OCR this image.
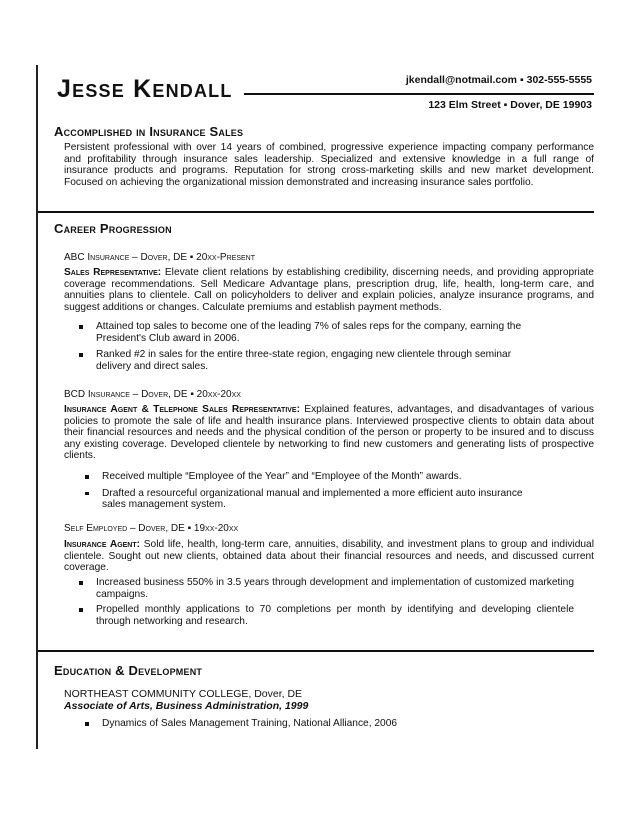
Jesse Kendall	jkendall@notmail.com ▪ 302-555-5555
123 Elm Street ▪ Dover, DE 19903
Accomplished in Insurance Sales
Persistent professional with over 14 years of combined, progressive experience impacting company performance
and profitability through insurance sales leadership. Specialized and extensive knowledge in a full range of
insurance products and programs. Reputation for strong cross-marketing skills and new market development.
Focused on achieving the organizational mission demonstrated and increasing insurance sales portfolio.
Career Progression
ABC Insurance – Dover, DE ▪ 20xx-Present
Sales Representative: Elevate client relations by establishing credibility, discerning needs, and providing appropriate coverage recommendations. Sell Medicare Advantage plans, prescription drug, life, health, long-term care, and annuities plans to clientele. Call on policyholders to deliver and explain policies, analyze insurance programs, and suggest additions or changes. Calculate premiums and establish payment methods.
Attained top sales to become one of the leading 7% of sales reps for the company, earning the President's Club award in 2006.
Ranked #2 in sales for the entire three-state region, engaging new clientele through seminar delivery and direct sales.
BCD Insurance – Dover, DE ▪ 20xx-20xx
Insurance Agent & Telephone Sales Representative: Explained features, advantages, and disadvantages of various policies to promote the sale of life and health insurance plans. Interviewed prospective clients to obtain data about their financial resources and needs and the physical condition of the person or property to be insured and to discuss any existing coverage. Developed clientele by networking to find new customers and generating lists of prospective clients.
Received multiple “Employee of the Year” and “Employee of the Month” awards.
Drafted a resourceful organizational manual and implemented a more efficient auto insurance sales management system.
Self Employed – Dover, DE ▪ 19xx-20xx
Insurance Agent: Sold life, health, long-term care, annuities, disability, and investment plans to group and individual clientele. Sought out new clients, obtained data about their financial resources and needs, and discussed current coverage.
Increased business 550% in 3.5 years through development and implementation of customized marketing campaigns.
Propelled monthly applications to 70 completions per month by identifying and developing clientele through networking and research.
Education & Development
NORTHEAST COMMUNITY COLLEGE, Dover, DE
Associate of Arts, Business Administration, 1999
Dynamics of Sales Management Training, National Alliance, 2006
